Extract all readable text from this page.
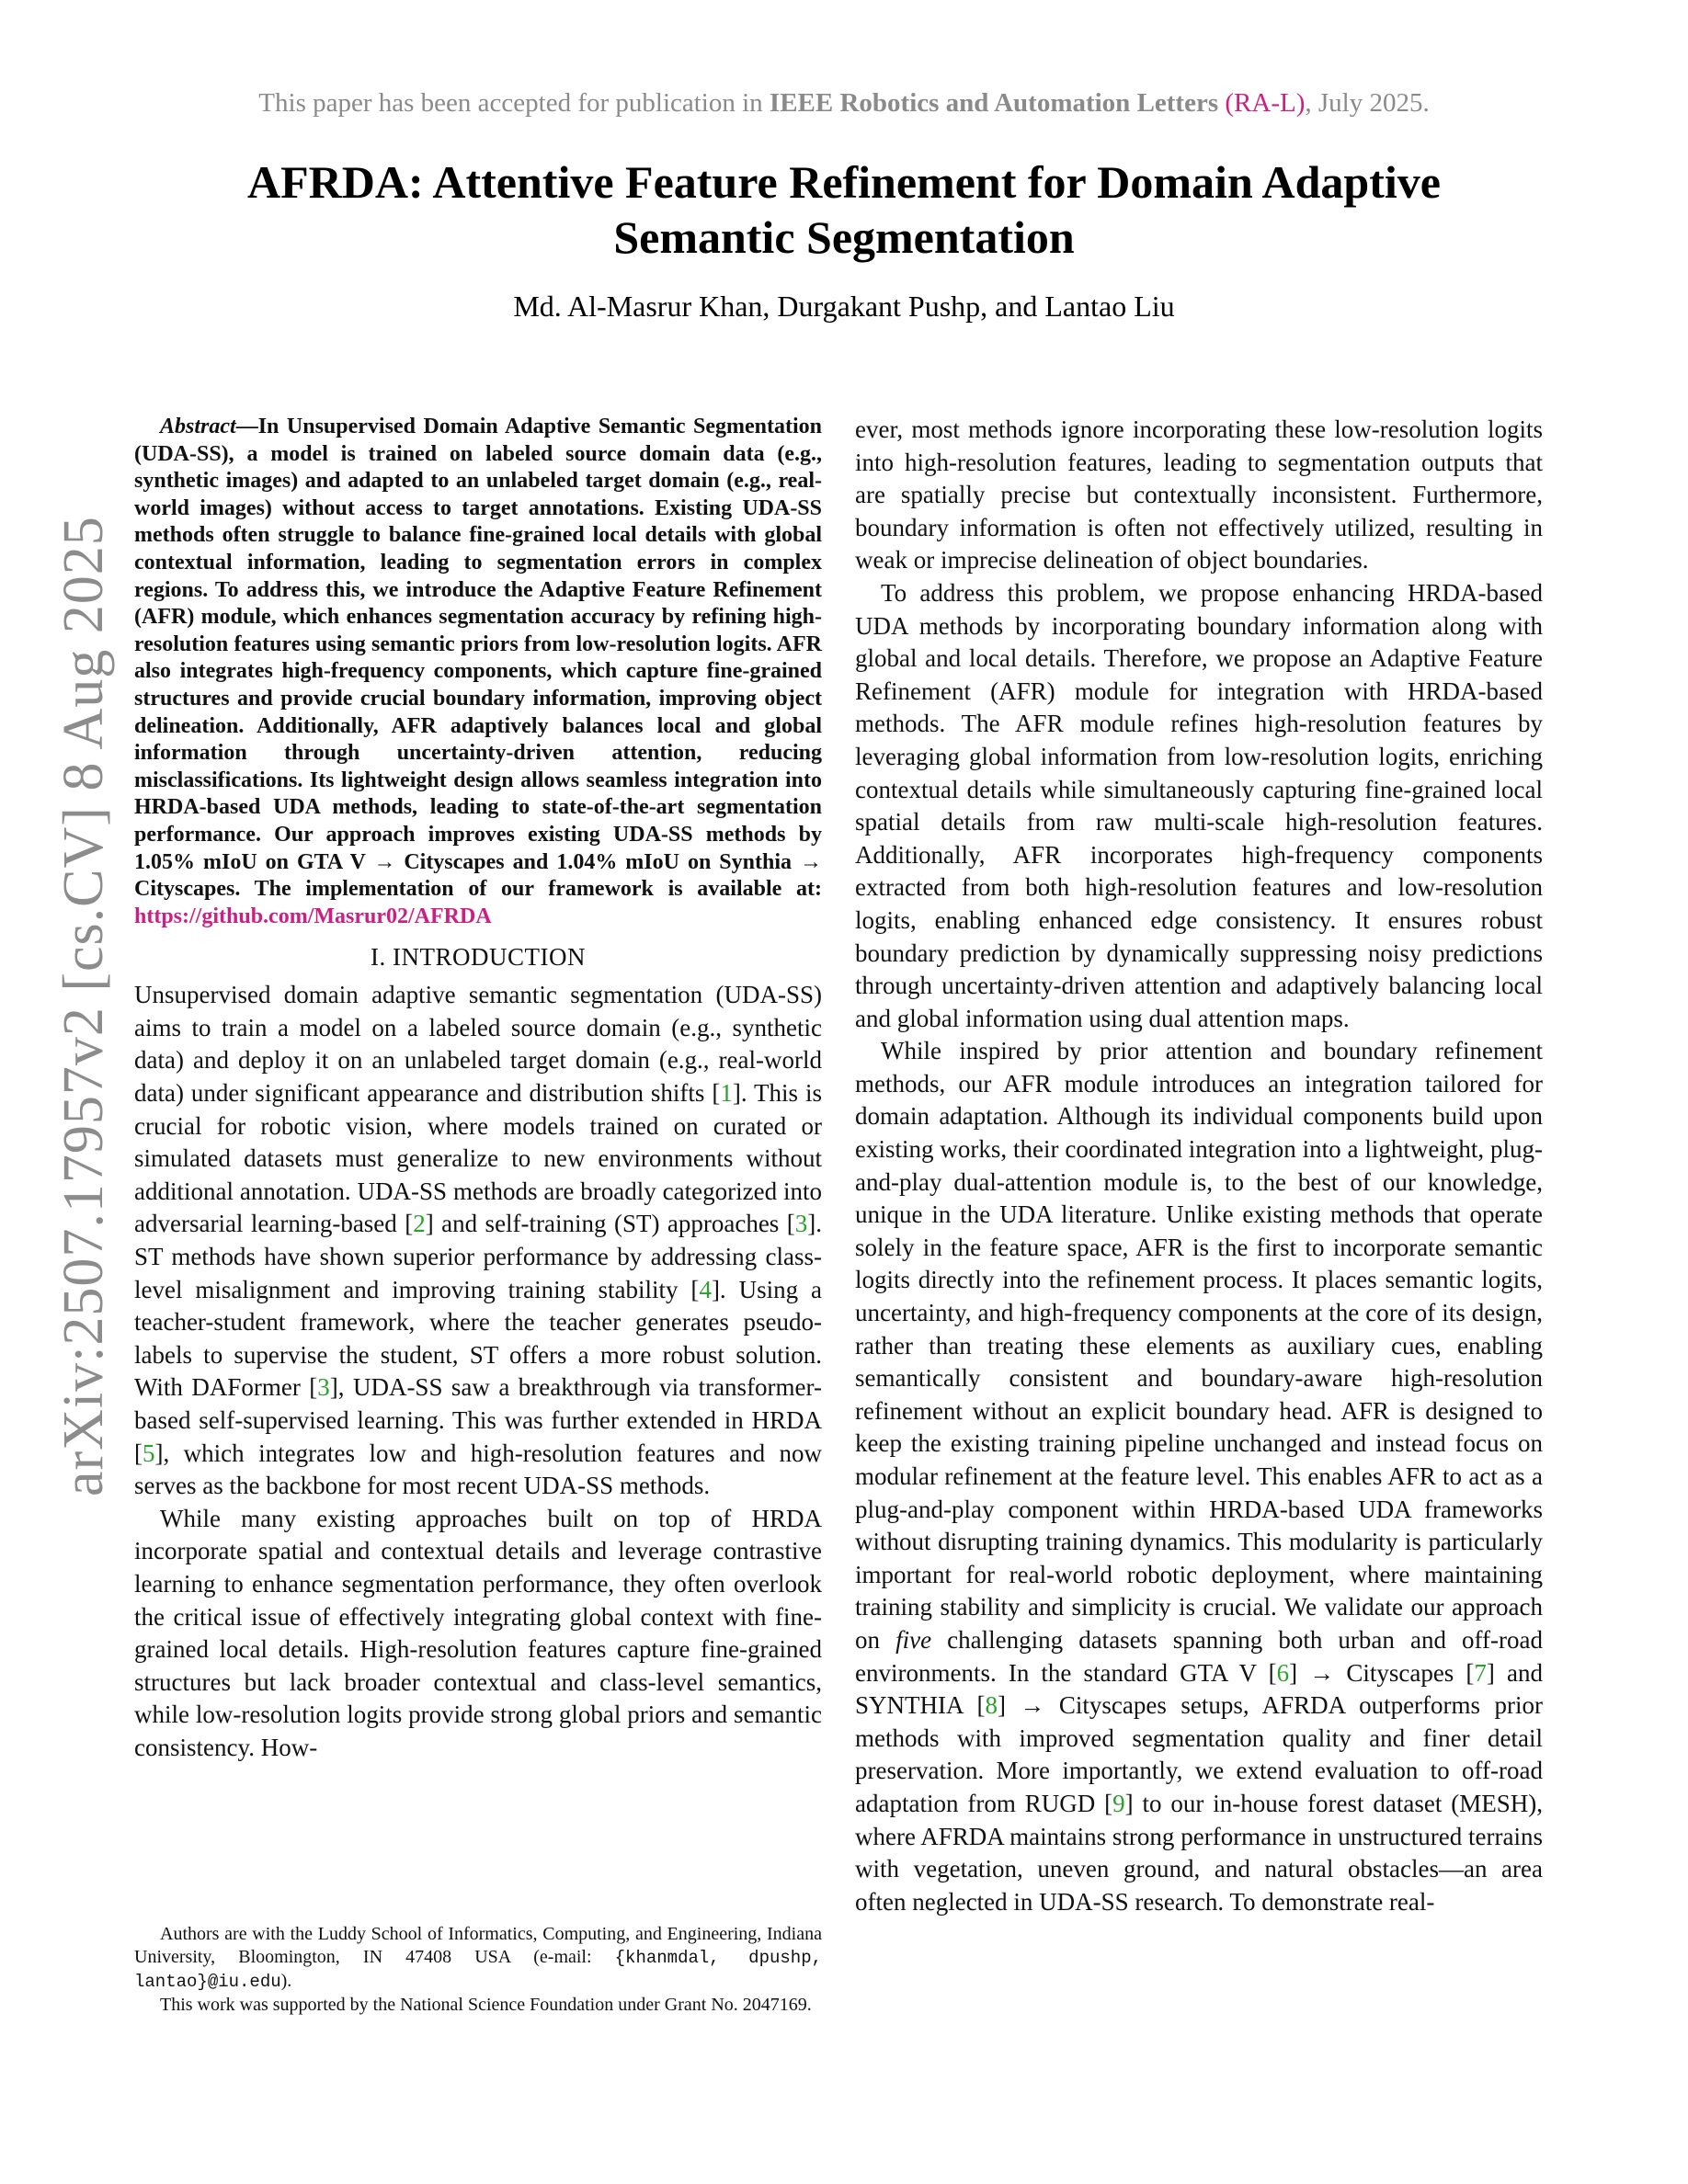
This paper has been accepted for publication in IEEE Robotics and Automation Letters (RA-L), July 2025.
AFRDA: Attentive Feature Refinement for Domain Adaptive
Semantic Segmentation
Md. Al-Masrur Khan, Durgakant Pushp, and Lantao Liu
arXiv:2507.17957v2 [cs.CV] 8 Aug 2025

Abstract—In Unsupervised Domain Adaptive Semantic Segmentation (UDA-SS), a model is trained on labeled source domain data (e.g., synthetic images) and adapted to an unlabeled target domain (e.g., real-world images) without access to target annotations. Existing UDA-SS methods often struggle to balance fine-grained local details with global contextual information, leading to segmentation errors in complex regions. To address this, we introduce the Adaptive Feature Refinement (AFR) module, which enhances segmentation accuracy by refining high-resolution features using semantic priors from low-resolution logits. AFR also integrates high-frequency components, which capture fine-grained structures and provide crucial boundary information, improving object delineation. Additionally, AFR adaptively balances local and global information through uncertainty-driven attention, reducing misclassifications. Its lightweight design allows seamless integration into HRDA-based UDA methods, leading to state-of-the-art segmentation performance. Our approach improves existing UDA-SS methods by 1.05% mIoU on GTA V → Cityscapes and 1.04% mIoU on Synthia → Cityscapes. The implementation of our framework is available at: https://github.com/Masrur02/AFRDA

I. INTRODUCTION

Unsupervised domain adaptive semantic segmentation (UDA-SS) aims to train a model on a labeled source domain (e.g., synthetic data) and deploy it on an unlabeled target domain (e.g., real-world data) under significant appearance and distribution shifts [1]. This is crucial for robotic vision, where models trained on curated or simulated datasets must generalize to new environments without additional annotation. UDA-SS methods are broadly categorized into adversarial learning-based [2] and self-training (ST) approaches [3]. ST methods have shown superior performance by addressing class-level misalignment and improving training stability [4]. Using a teacher-student framework, where the teacher generates pseudo-labels to supervise the student, ST offers a more robust solution. With DAFormer [3], UDA-SS saw a breakthrough via transformer-based self-supervised learning. This was further extended in HRDA [5], which integrates low and high-resolution features and now serves as the backbone for most recent UDA-SS methods.

While many existing approaches built on top of HRDA incorporate spatial and contextual details and leverage contrastive learning to enhance segmentation performance, they often overlook the critical issue of effectively integrating global context with fine-grained local details. High-resolution features capture fine-grained structures but lack broader contextual and class-level semantics, while low-resolution logits provide strong global priors and semantic consistency. How-

Authors are with the Luddy School of Informatics, Computing, and Engineering, Indiana University, Bloomington, IN 47408 USA (e-mail: {khanmdal, dpushp, lantao}@iu.edu).

This work was supported by the National Science Foundation under Grant No. 2047169.

ever, most methods ignore incorporating these low-resolution logits into high-resolution features, leading to segmentation outputs that are spatially precise but contextually inconsistent. Furthermore, boundary information is often not effectively utilized, resulting in weak or imprecise delineation of object boundaries.

To address this problem, we propose enhancing HRDA-based UDA methods by incorporating boundary information along with global and local details. Therefore, we propose an Adaptive Feature Refinement (AFR) module for integration with HRDA-based methods. The AFR module refines high-resolution features by leveraging global information from low-resolution logits, enriching contextual details while simultaneously capturing fine-grained local spatial details from raw multi-scale high-resolution features. Additionally, AFR incorporates high-frequency components extracted from both high-resolution features and low-resolution logits, enabling enhanced edge consistency. It ensures robust boundary prediction by dynamically suppressing noisy predictions through uncertainty-driven attention and adaptively balancing local and global information using dual attention maps.

While inspired by prior attention and boundary refinement methods, our AFR module introduces an integration tailored for domain adaptation. Although its individual components build upon existing works, their coordinated integration into a lightweight, plug-and-play dual-attention module is, to the best of our knowledge, unique in the UDA literature. Unlike existing methods that operate solely in the feature space, AFR is the first to incorporate semantic logits directly into the refinement process. It places semantic logits, uncertainty, and high-frequency components at the core of its design, rather than treating these elements as auxiliary cues, enabling semantically consistent and boundary-aware high-resolution refinement without an explicit boundary head. AFR is designed to keep the existing training pipeline unchanged and instead focus on modular refinement at the feature level. This enables AFR to act as a plug-and-play component within HRDA-based UDA frameworks without disrupting training dynamics. This modularity is particularly important for real-world robotic deployment, where maintaining training stability and simplicity is crucial. We validate our approach on five challenging datasets spanning both urban and off-road environments. In the standard GTA V [6] → Cityscapes [7] and SYNTHIA [8] → Cityscapes setups, AFRDA outperforms prior methods with improved segmentation quality and finer detail preservation. More importantly, we extend evaluation to off-road adaptation from RUGD [9] to our in-house forest dataset (MESH), where AFRDA maintains strong performance in unstructured terrains with vegetation, uneven ground, and natural obstacles—an area often neglected in UDA-SS research. To demonstrate real-
